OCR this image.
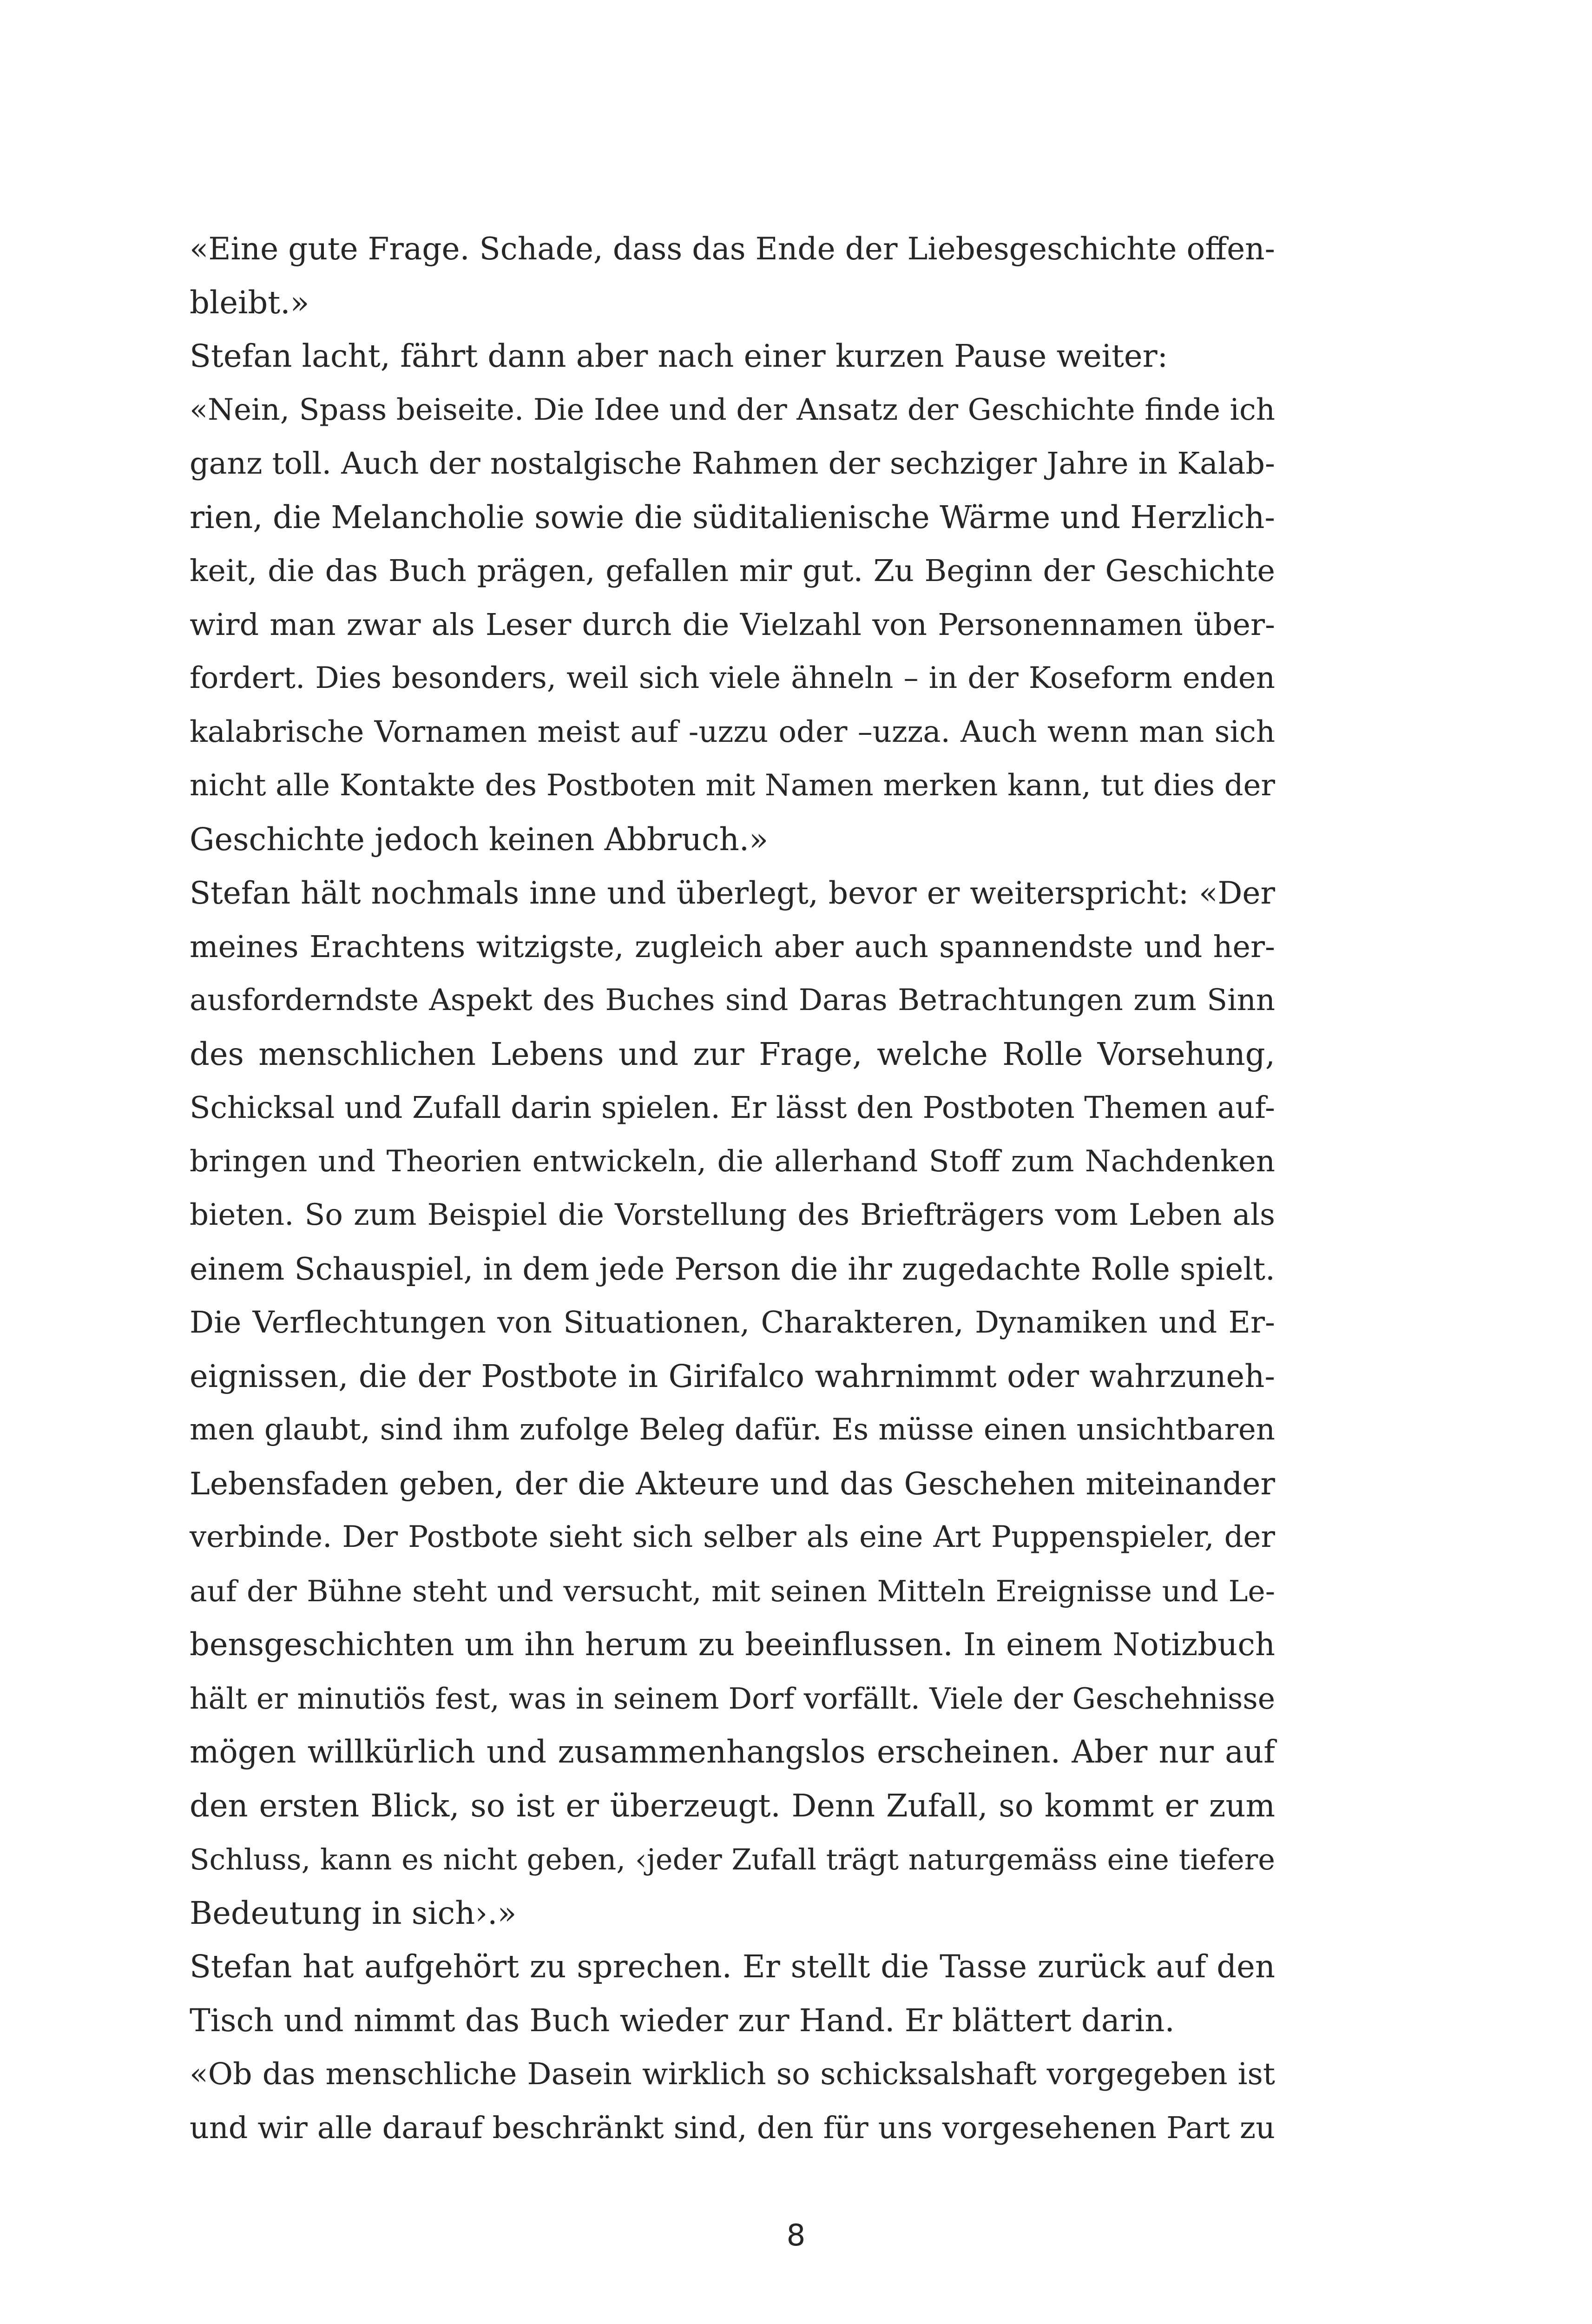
«Eine gute Frage. Schade, dass das Ende der Liebesgeschichte offen-
bleibt.»
Stefan lacht, fährt dann aber nach einer kurzen Pause weiter:
«Nein, Spass beiseite. Die Idee und der Ansatz der Geschichte finde ich
ganz toll. Auch der nostalgische Rahmen der sechziger Jahre in Kalab-
rien, die Melancholie sowie die süditalienische Wärme und Herzlich-
keit, die das Buch prägen, gefallen mir gut. Zu Beginn der Geschichte
wird man zwar als Leser durch die Vielzahl von Personennamen über-
fordert. Dies besonders, weil sich viele ähneln – in der Koseform enden
kalabrische Vornamen meist auf -uzzu oder –uzza. Auch wenn man sich
nicht alle Kontakte des Postboten mit Namen merken kann, tut dies der
Geschichte jedoch keinen Abbruch.»
Stefan hält nochmals inne und überlegt, bevor er weiterspricht: «Der
meines Erachtens witzigste, zugleich aber auch spannendste und her-
ausforderndste Aspekt des Buches sind Daras Betrachtungen zum Sinn
des menschlichen Lebens und zur Frage, welche Rolle Vorsehung,
Schicksal und Zufall darin spielen. Er lässt den Postboten Themen auf-
bringen und Theorien entwickeln, die allerhand Stoff zum Nachdenken
bieten. So zum Beispiel die Vorstellung des Briefträgers vom Leben als
einem Schauspiel, in dem jede Person die ihr zugedachte Rolle spielt.
Die Verflechtungen von Situationen, Charakteren, Dynamiken und Er-
eignissen, die der Postbote in Girifalco wahrnimmt oder wahrzuneh-
men glaubt, sind ihm zufolge Beleg dafür. Es müsse einen unsichtbaren
Lebensfaden geben, der die Akteure und das Geschehen miteinander
verbinde. Der Postbote sieht sich selber als eine Art Puppenspieler, der
auf der Bühne steht und versucht, mit seinen Mitteln Ereignisse und Le-
bensgeschichten um ihn herum zu beeinflussen. In einem Notizbuch
hält er minutiös fest, was in seinem Dorf vorfällt. Viele der Geschehnisse
mögen willkürlich und zusammenhangslos erscheinen. Aber nur auf
den ersten Blick, so ist er überzeugt. Denn Zufall, so kommt er zum
Schluss, kann es nicht geben, ‹jeder Zufall trägt naturgemäss eine tiefere
Bedeutung in sich›.»
Stefan hat aufgehört zu sprechen. Er stellt die Tasse zurück auf den
Tisch und nimmt das Buch wieder zur Hand. Er blättert darin.
«Ob das menschliche Dasein wirklich so schicksalshaft vorgegeben ist
und wir alle darauf beschränkt sind, den für uns vorgesehenen Part zu
8
